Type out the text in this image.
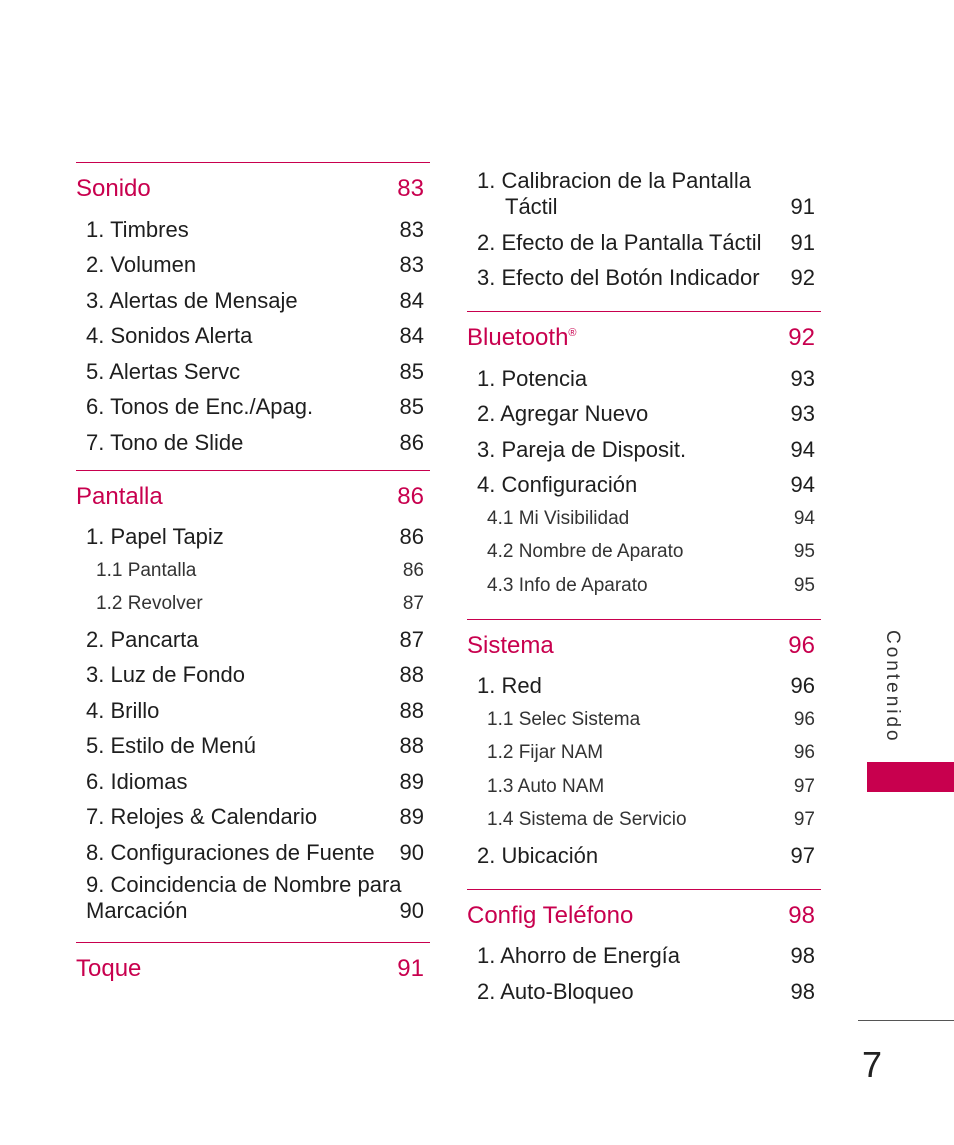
Sonido	83
1. Timbres	83
2. Volumen	83
3. Alertas de Mensaje	84
4. Sonidos Alerta	84
5. Alertas Servc	85
6. Tonos de Enc./Apag.	85
7. Tono de Slide	86
Pantalla	86
1. Papel Tapiz	86
1.1 Pantalla	86
1.2 Revolver	87
2. Pancarta	87
3. Luz de Fondo	88
4. Brillo	88
5. Estilo de Menú	88
6. Idiomas	89
7. Relojes & Calendario	89
8. Configuraciones de Fuente 90
9. Coincidencia de Nombre para
Marcación	90
Toque	91
1. Calibracion de la Pantalla
Táctil	91
2. Efecto de la Pantalla Táctil 91
3. Efecto del Botón Indicador 92
Bluetooth®	92
1. Potencia	93
2. Agregar Nuevo	93
3. Pareja de Disposit.	94
4. Configuración	94
4.1 Mi Visibilidad	94
4.2 Nombre de Aparato	95
4.3 Info de Aparato	95
Sistema	96
1. Red	96
1.1 Selec Sistema	96
1.2 Fijar NAM	96
1.3 Auto NAM	97
1.4 Sistema de Servicio	97
2. Ubicación	97
Config Teléfono	98
1. Ahorro de Energía	98
2. Auto-Bloqueo	98
Contenido
7
